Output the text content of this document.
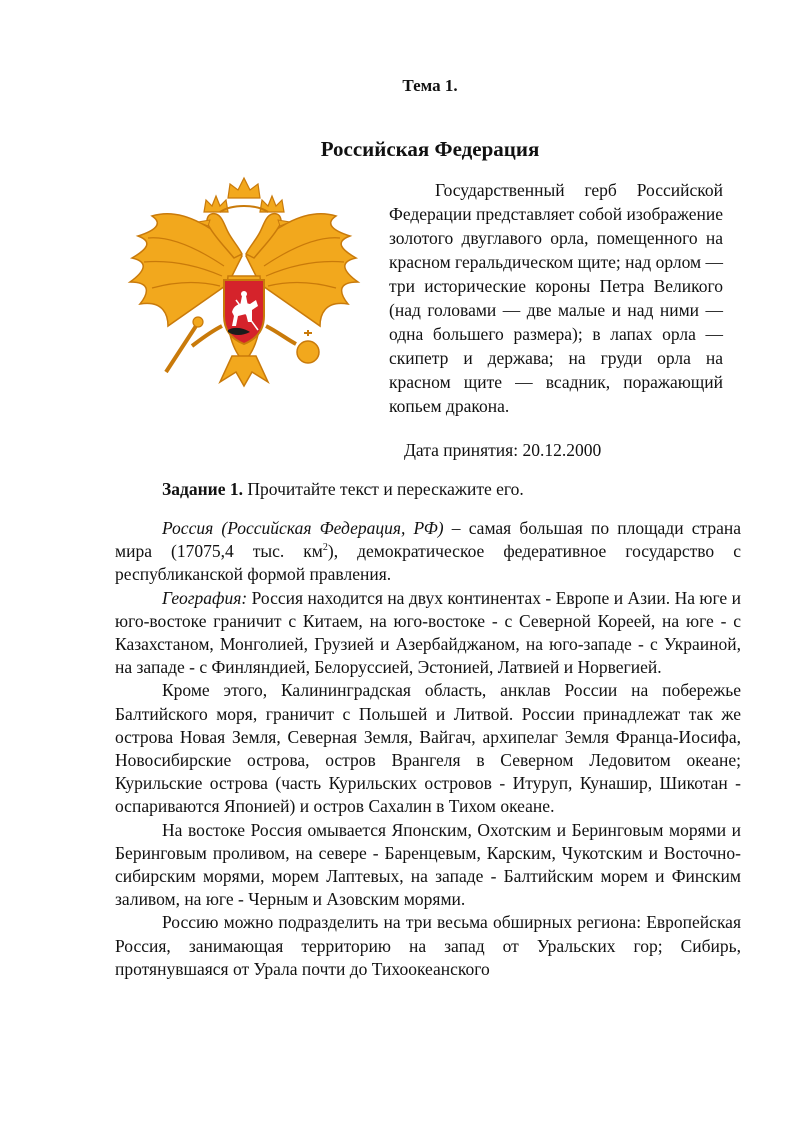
Тема 1.
Российская Федерация

Государственный герб Российской Федерации представляет собой изображение золотого двуглавого орла, помещенного на красном геральдическом щите; над орлом — три исторические короны Петра Великого (над головами — две малые и над ними — одна большего размера); в лапах орла — скипетр и держава; на груди орла на красном щите — всадник, поражающий копьем дракона.

Дата принятия: 20.12.2000
Задание 1. Прочитайте текст и перескажите его.

Россия (Российская Федерация, РФ) – самая большая по площади страна мира (17075,4 тыс. $км^2$), демократическое федеративное государство с республиканской формой правления.

География: Россия находится на двух континентах - Европе и Азии. На юге и юго-востоке граничит с Китаем, на юго-востоке - с Северной Кореей, на юге - с Казахстаном, Монголией, Грузией и Азербайджаном, на юго-западе - с Украиной, на западе - с Финляндией, Белоруссией, Эстонией, Латвией и Норвегией.

Кроме этого, Калининградская область, анклав России на побережье Балтийского моря, граничит с Польшей и Литвой. России принадлежат так же острова Новая Земля, Северная Земля, Вайгач, архипелаг Земля Франца-Иосифа, Новосибирские острова, остров Врангеля в Северном Ледовитом океане; Курильские острова (часть Курильских островов - Итуруп, Кунашир, Шикотан - оспариваются Японией) и остров Сахалин в Тихом океане.

На востоке Россия омывается Японским, Охотским и Беринговым морями и Беринговым проливом, на севере - Баренцевым, Карским, Чукотским и Восточно-сибирским морями, морем Лаптевых, на западе - Балтийским морем и Финским заливом, на юге - Черным и Азовским морями.

Россию можно подразделить на три весьма обширных региона: Европейская Россия, занимающая территорию на запад от Уральских гор; Сибирь, протянувшаяся от Урала почти до Тихоокеанского
